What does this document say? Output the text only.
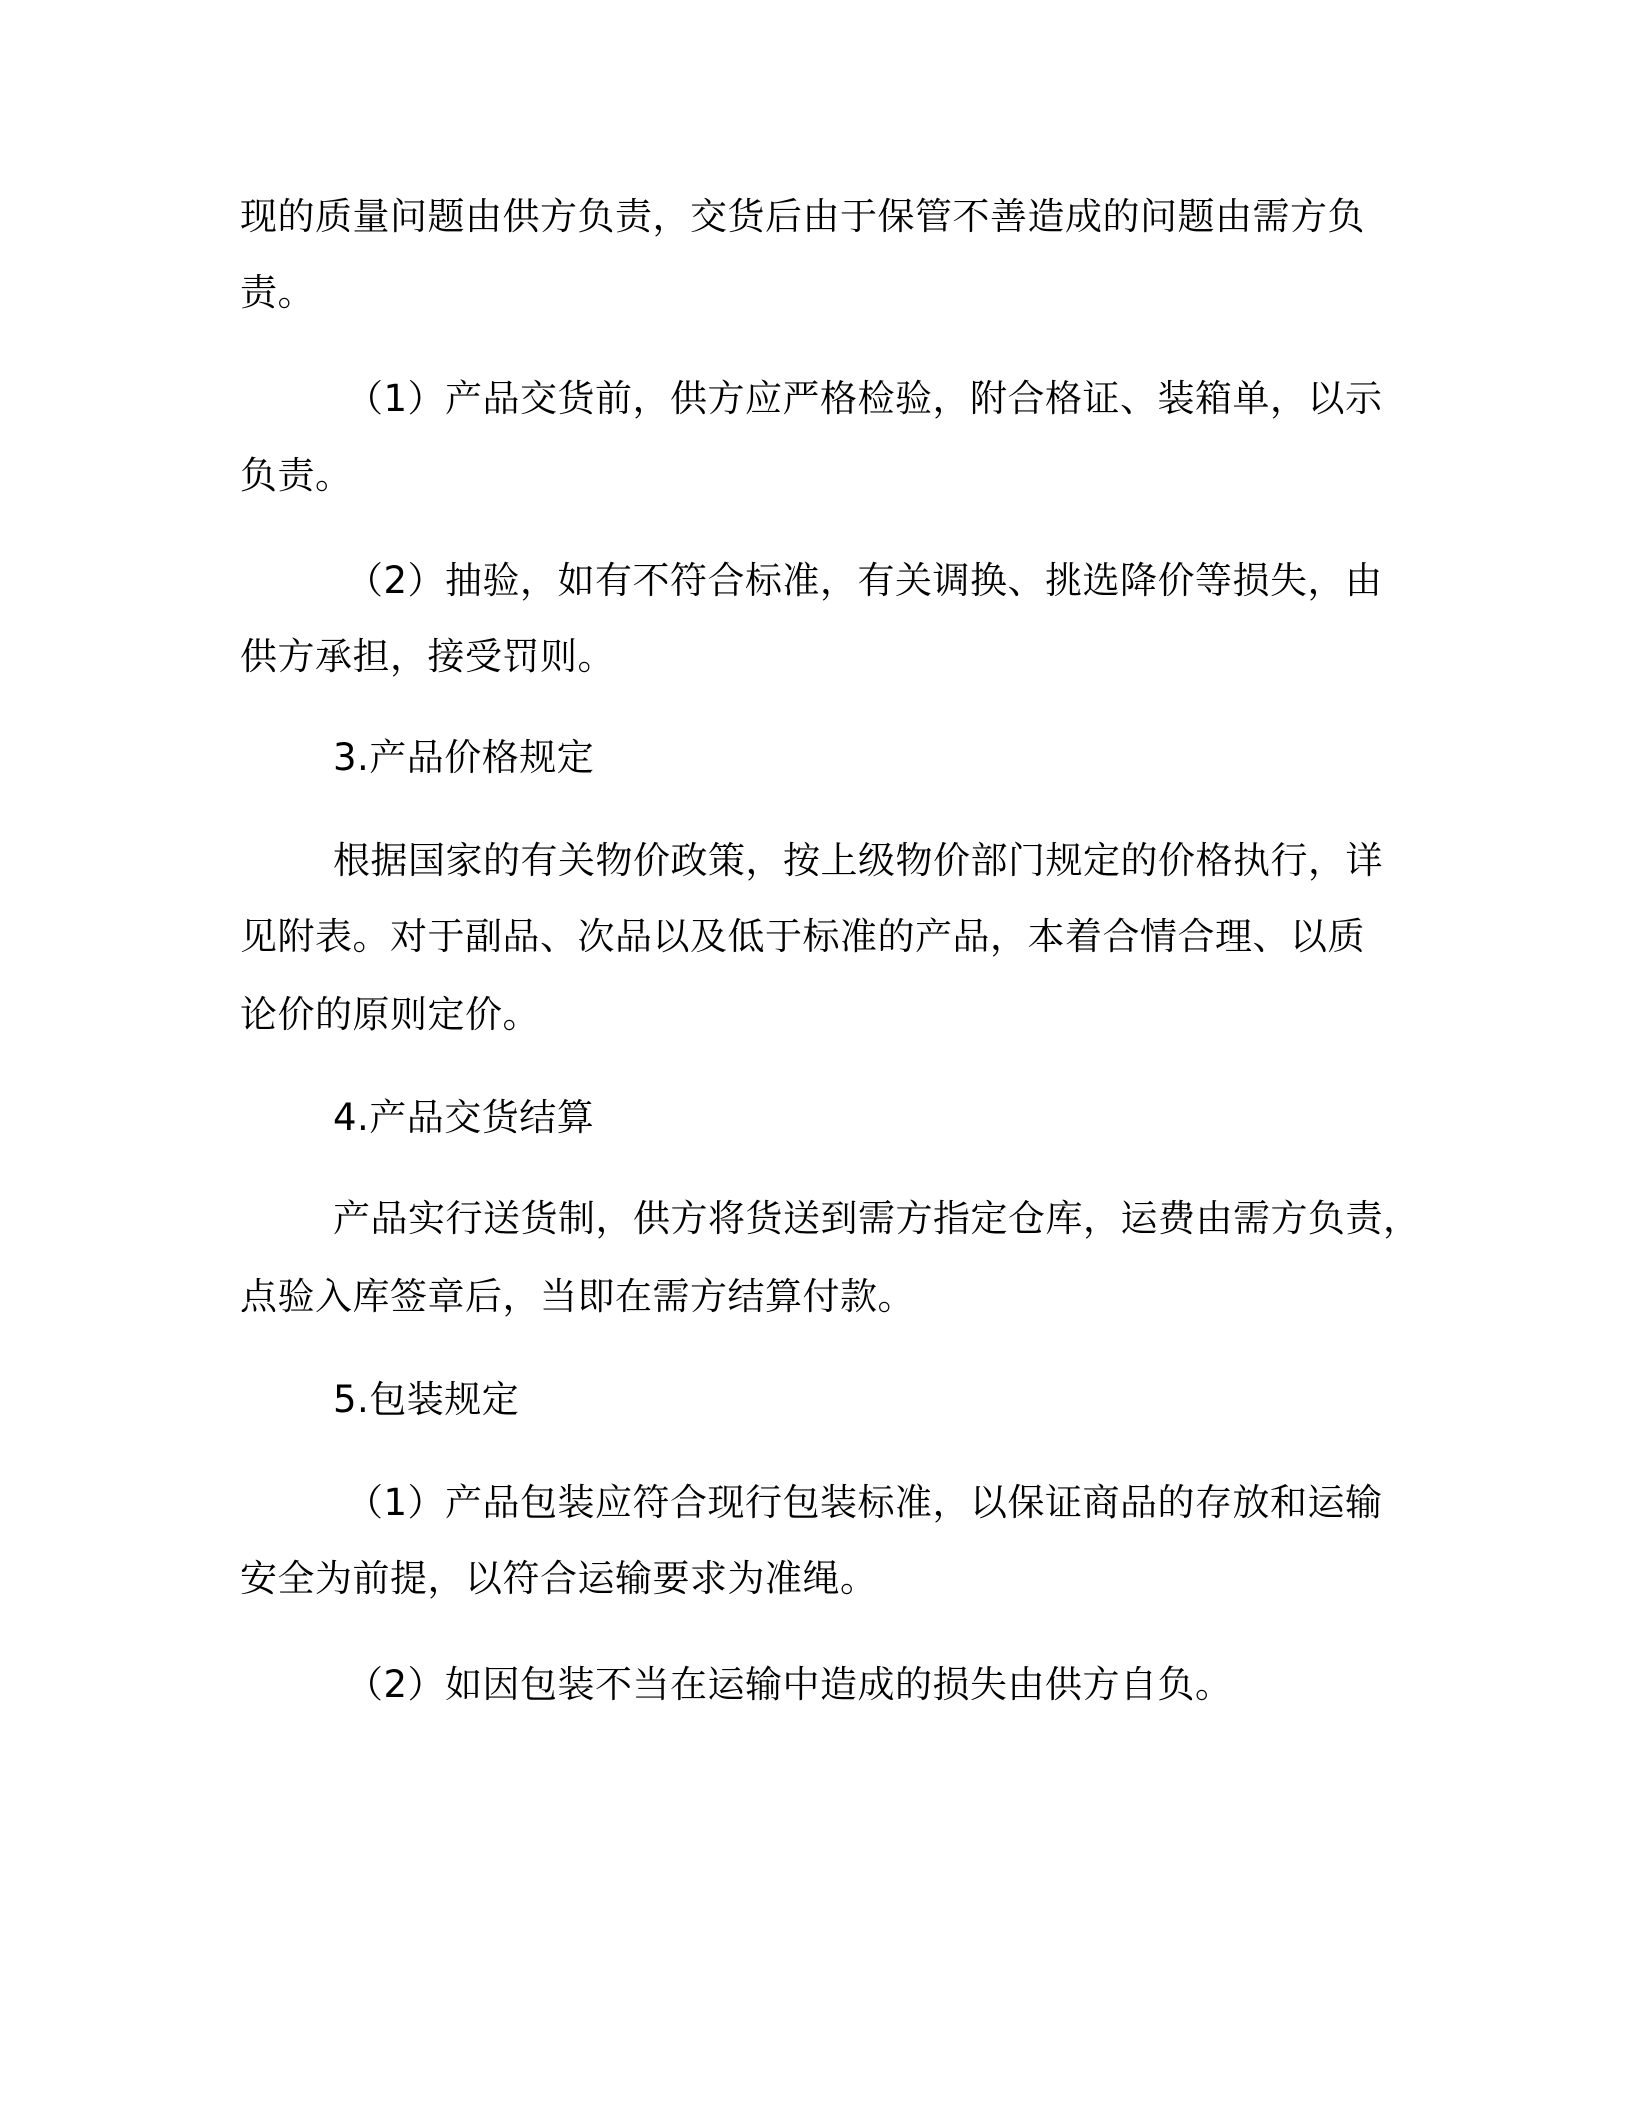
现的质量问题由供方负责，交货后由于保管不善造成的问题由需方负
责。
（1）产品交货前，供方应严格检验，附合格证、装箱单，以示
负责。
（2）抽验，如有不符合标准，有关调换、挑选降价等损失，由
供方承担，接受罚则。
3.产品价格规定
根据国家的有关物价政策，按上级物价部门规定的价格执行，详
见附表。对于副品、次品以及低于标准的产品，本着合情合理、以质
论价的原则定价。
4.产品交货结算
产品实行送货制，供方将货送到需方指定仓库，运费由需方负责，
点验入库签章后，当即在需方结算付款。
5.包装规定
（1）产品包装应符合现行包装标准，以保证商品的存放和运输
安全为前提，以符合运输要求为准绳。
（2）如因包装不当在运输中造成的损失由供方自负。
